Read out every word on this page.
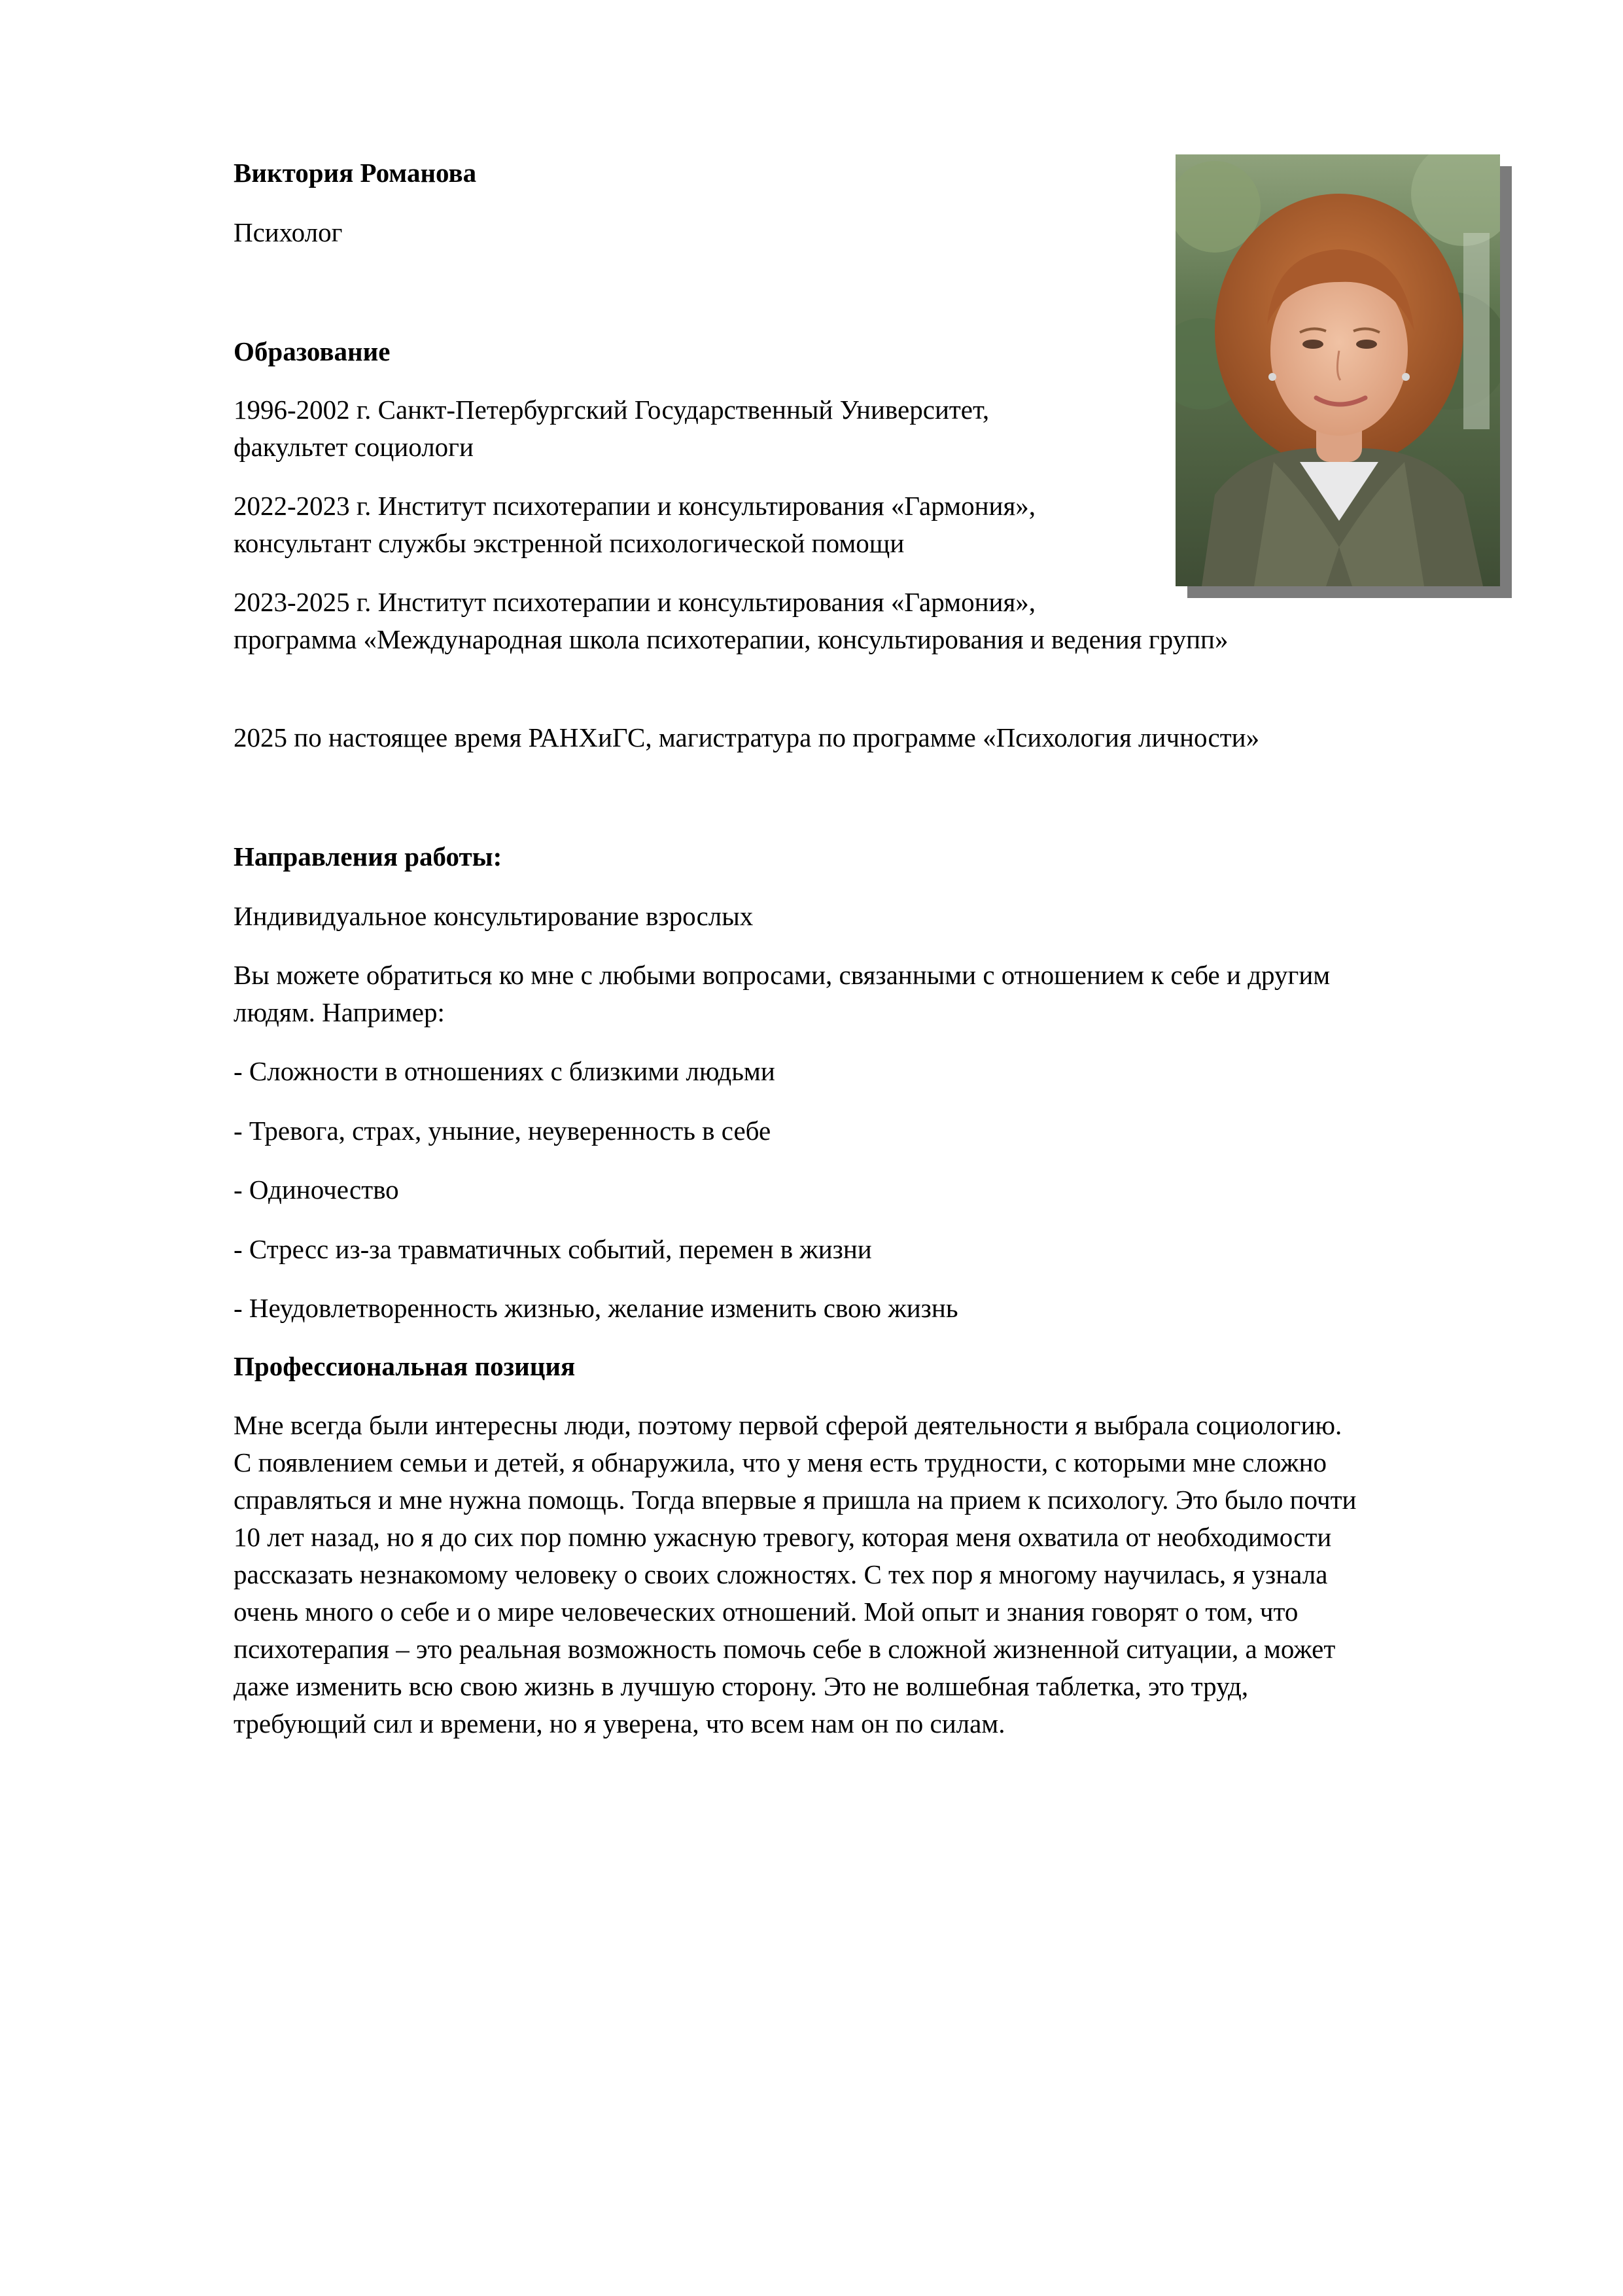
Виктория Романова
Психолог
Образование
1996-2002 г. Санкт-Петербургский Государственный Университет,
факультет социологи
2022-2023 г. Институт психотерапии и консультирования «Гармония»,
консультант службы экстренной психологической помощи
2023-2025 г. Институт психотерапии и консультирования «Гармония»,
программа «Международная школа психотерапии, консультирования и ведения групп»
2025 по настоящее время РАНХиГС, магистратура по программе «Психология личности»
Направления работы:
Индивидуальное консультирование взрослых
Вы можете обратиться ко мне с любыми вопросами, связанными с отношением к себе и другим
людям. Например:
- Сложности в отношениях с близкими людьми
- Тревога, страх, уныние, неуверенность в себе
- Одиночество
- Стресс из-за травматичных событий, перемен в жизни
- Неудовлетворенность жизнью, желание изменить свою жизнь
Профессиональная позиция
Мне всегда были интересны люди, поэтому первой сферой деятельности я выбрала социологию.
С появлением семьи и детей, я обнаружила, что у меня есть трудности, с которыми мне сложно
справляться и мне нужна помощь. Тогда впервые я пришла на прием к психологу. Это было почти
10 лет назад, но я до сих пор помню ужасную тревогу, которая меня охватила от необходимости
рассказать незнакомому человеку о своих сложностях. С тех пор я многому научилась, я узнала
очень много о себе и о мире человеческих отношений. Мой опыт и знания говорят о том, что
психотерапия – это реальная возможность помочь себе в сложной жизненной ситуации, а может
даже изменить всю свою жизнь в лучшую сторону. Это не волшебная таблетка, это труд,
требующий сил и времени, но я уверена, что всем нам он по силам.
